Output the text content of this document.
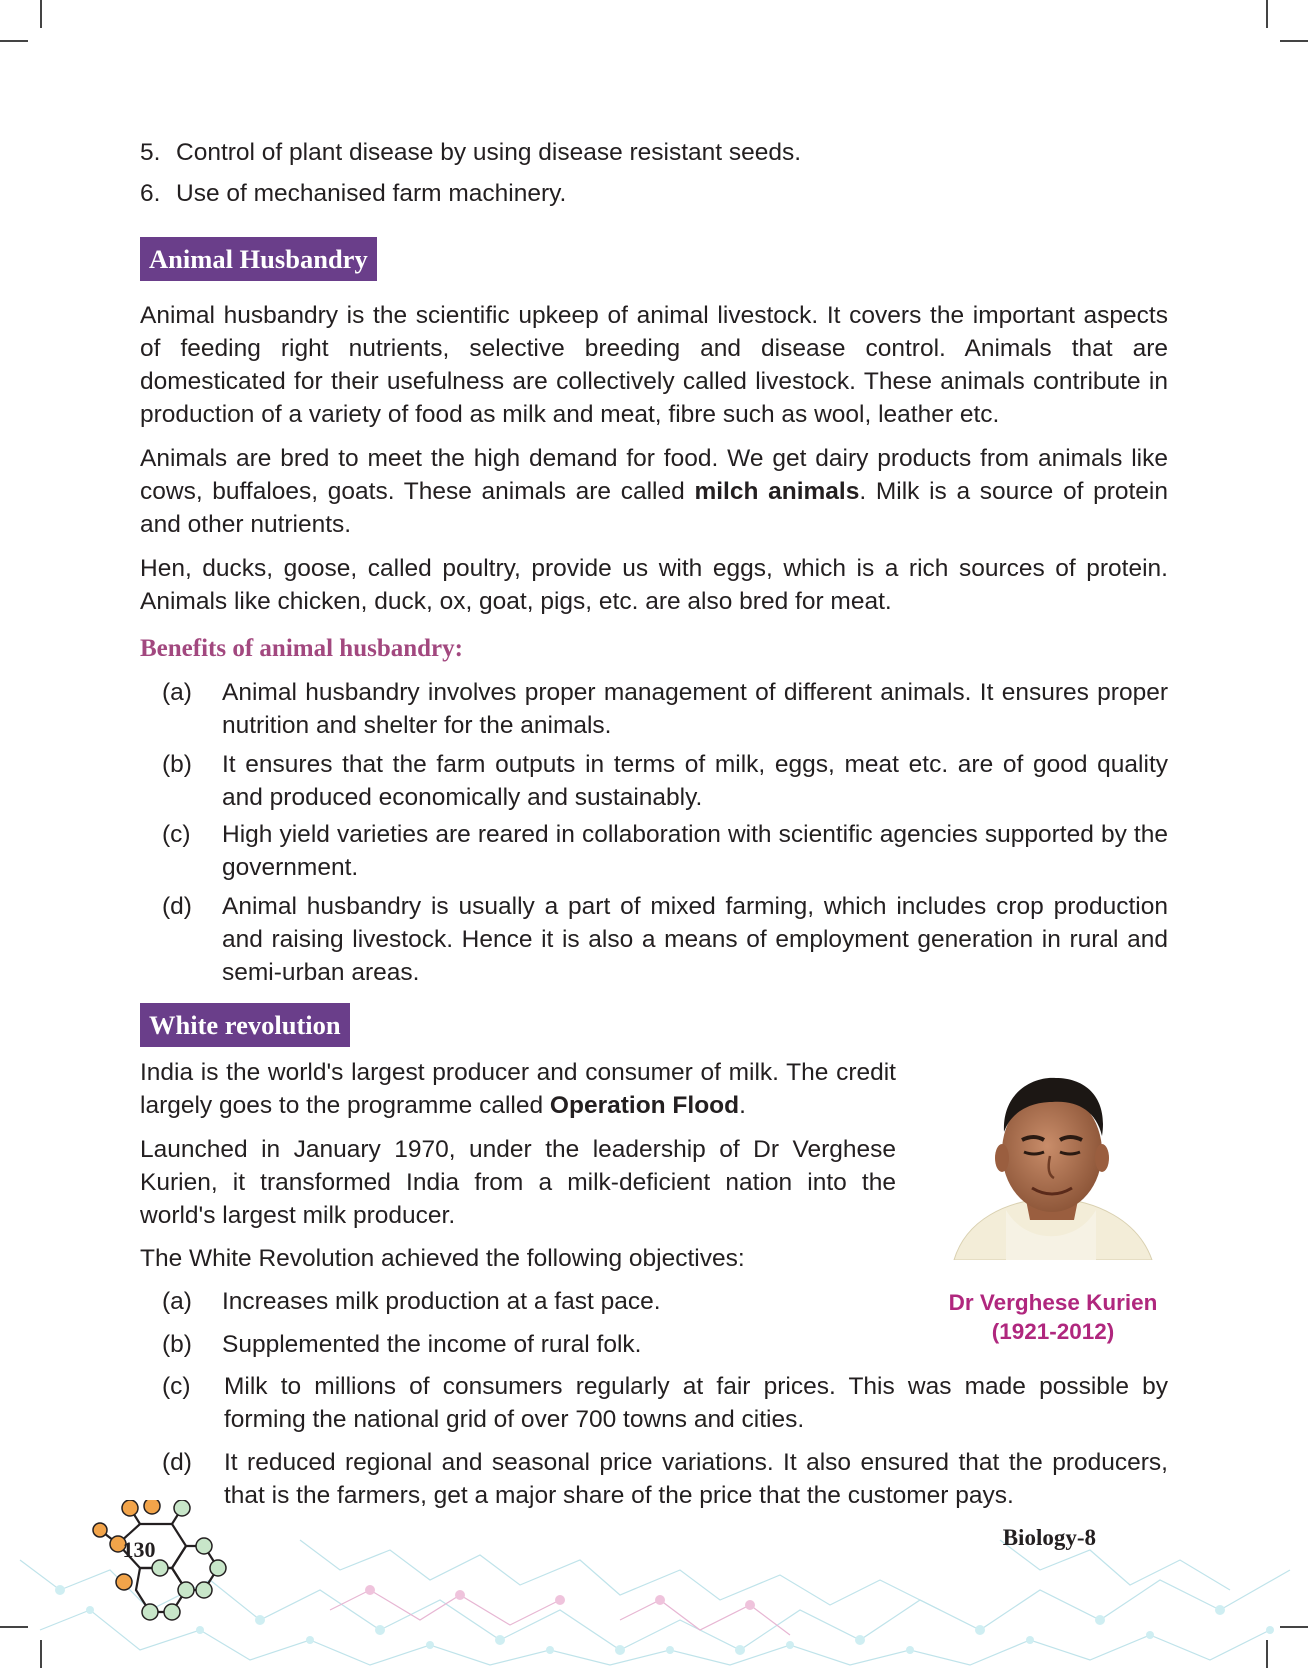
5. Control of plant disease by using disease resistant seeds.
6. Use of mechanised farm machinery.
Animal Husbandry

Animal husbandry is the scientific upkeep of animal livestock. It covers the important aspects of feeding right nutrients, selective breeding and disease control. Animals that are domesticated for their usefulness are collectively called livestock. These animals contribute in production of a variety of food as milk and meat, fibre such as wool, leather etc.

Animals are bred to meet the high demand for food. We get dairy products from animals like cows, buffaloes, goats. These animals are called milch animals. Milk is a source of protein and other nutrients.

Hen, ducks, goose, called poultry, provide us with eggs, which is a rich sources of protein. Animals like chicken, duck, ox, goat, pigs, etc. are also bred for meat.

Benefits of animal husbandry:
(a) Animal husbandry involves proper management of different animals. It ensures proper nutrition and shelter for the animals.
(b) It ensures that the farm outputs in terms of milk, eggs, meat etc. are of good quality and produced economically and sustainably.
(c) High yield varieties are reared in collaboration with scientific agencies supported by the government.
(d) Animal husbandry is usually a part of mixed farming, which includes crop production and raising livestock. Hence it is also a means of employment generation in rural and semi-urban areas.
White revolution

India is the world's largest producer and consumer of milk. The credit largely goes to the programme called Operation Flood.

Launched in January 1970, under the leadership of Dr Verghese Kurien, it transformed India from a milk-deficient nation into the world's largest milk producer.

The White Revolution achieved the following objectives:

(a) Increases milk production at a fast pace.
(b) Supplemented the income of rural folk.
(c) Milk to millions of consumers regularly at fair prices. This was made possible by forming the national grid of over 700 towns and cities.
(d) It reduced regional and seasonal price variations. It also ensured that the producers, that is the farmers, get a major share of the price that the customer pays.
Dr Verghese Kurien
(1921-2012)
130	Biology-8
